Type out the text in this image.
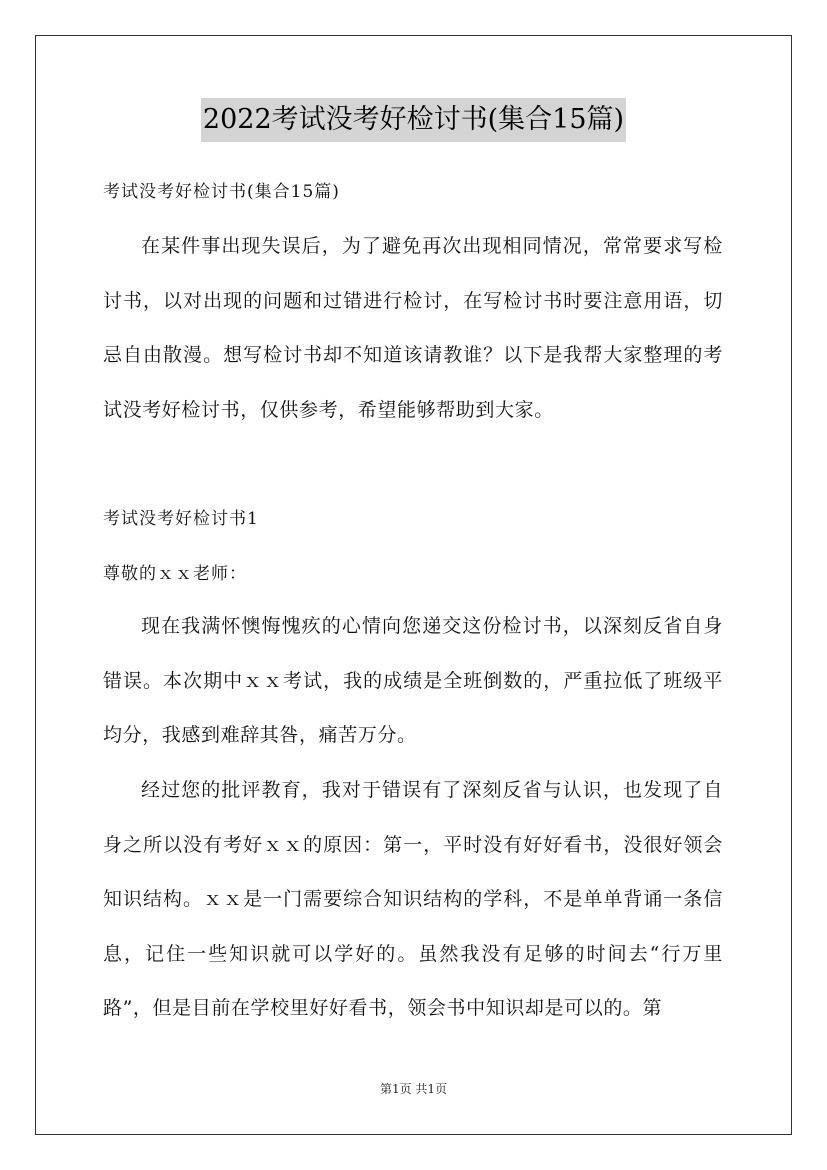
2022考试没考好检讨书(集合15篇)
考试没考好检讨书(集合15篇)

在某件事出现失误后，为了避免再次出现相同情况，常常要求写检讨书，以对出现的问题和过错进行检讨，在写检讨书时要注意用语，切忌自由散漫。想写检讨书却不知道该请教谁？以下是我帮大家整理的考试没考好检讨书，仅供参考，希望能够帮助到大家。

考试没考好检讨书1
尊敬的ｘｘ老师：

现在我满怀懊悔愧疚的心情向您递交这份检讨书，以深刻反省自身错误。本次期中ｘｘ考试，我的成绩是全班倒数的，严重拉低了班级平均分，我感到难辞其咎，痛苦万分。

经过您的批评教育，我对于错误有了深刻反省与认识，也发现了自身之所以没有考好ｘｘ的原因：第一，平时没有好好看书，没很好领会知识结构。ｘｘ是一门需要综合知识结构的学科，不是单单背诵一条信息，记住一些知识就可以学好的。虽然我没有足够的时间去“行万里路”，但是目前在学校里好好看书，领会书中知识却是可以的。第

第1页 共1页
